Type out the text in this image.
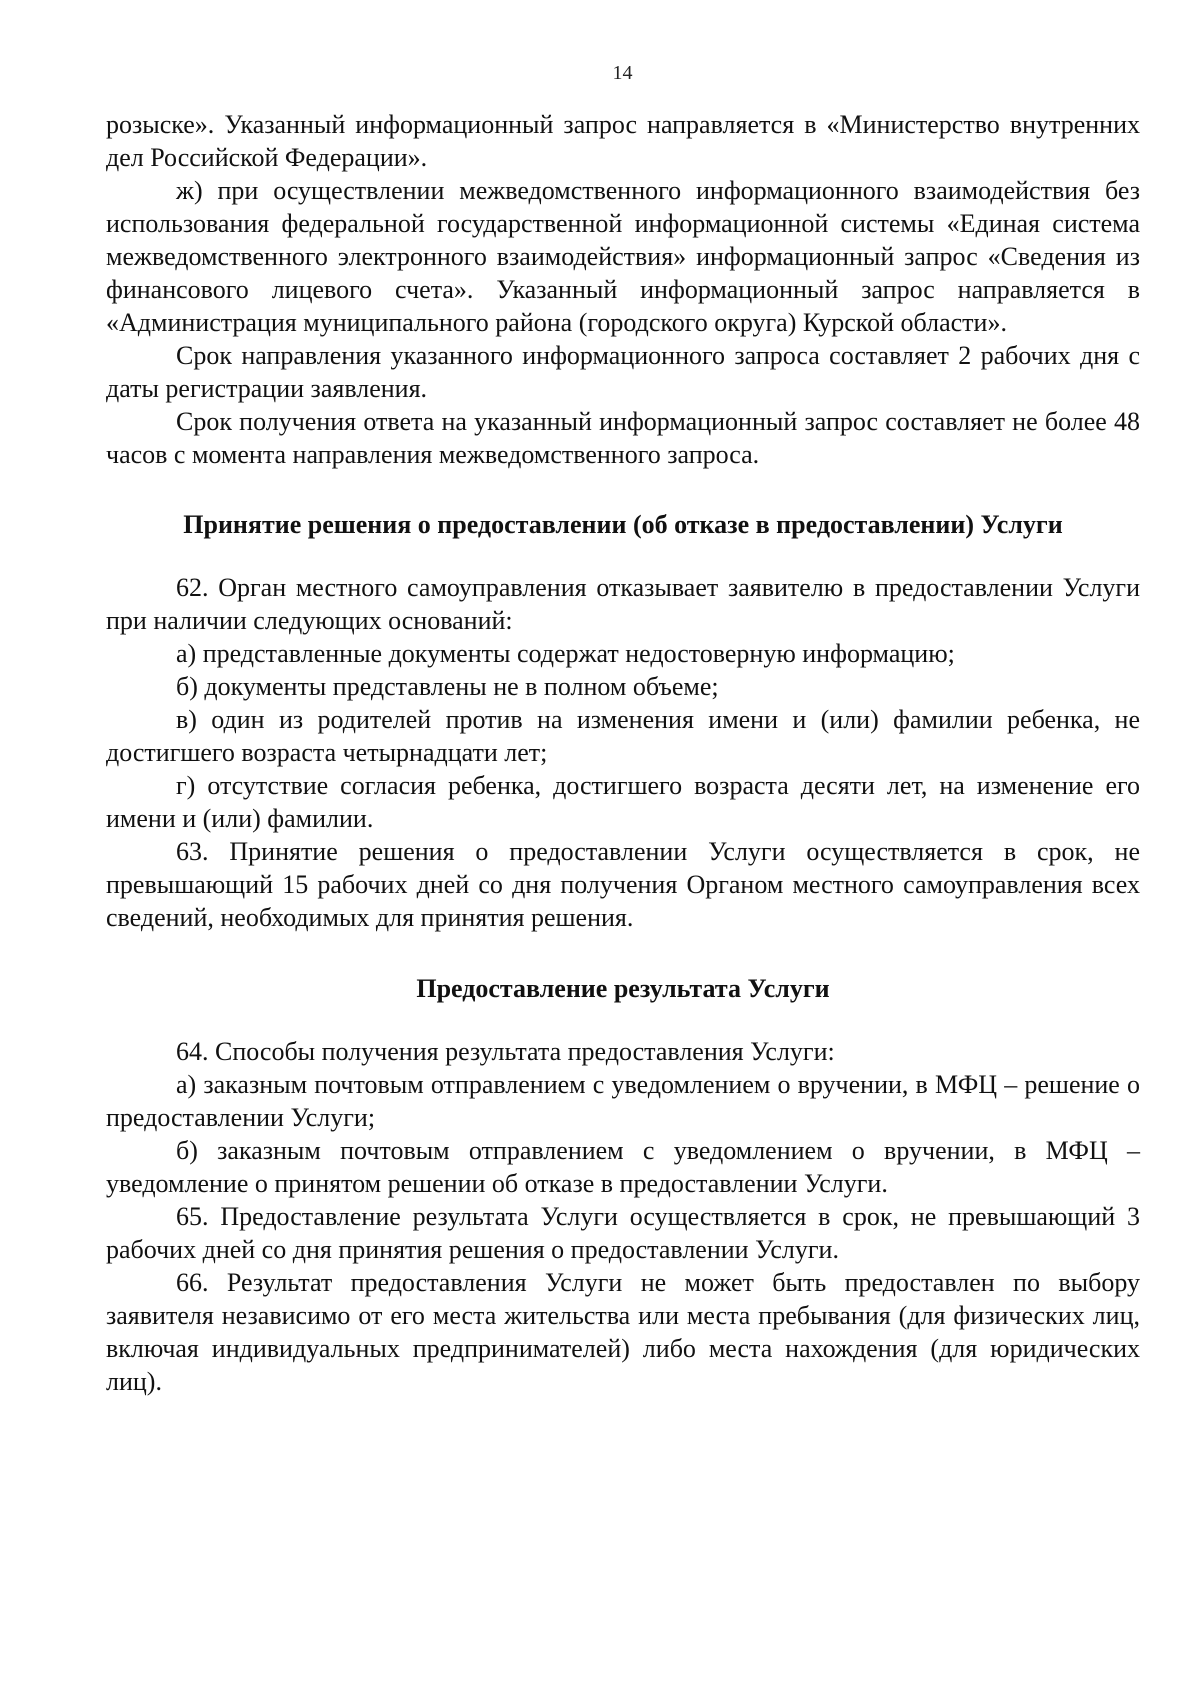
14

розыске». Указанный информационный запрос направляется в «Министерство внутренних дел Российской Федерации».

ж) при осуществлении межведомственного информационного взаимодействия без использования федеральной государственной информационной системы «Единая система межведомственного электронного взаимодействия» информационный запрос «Сведения из финансового лицевого счета». Указанный информационный запрос направляется в «Администрация муниципального района (городского округа) Курской области».

Срок направления указанного информационного запроса составляет 2 рабочих дня с даты регистрации заявления.

Срок получения ответа на указанный информационный запрос составляет не более 48 часов с момента направления межведомственного запроса.

Принятие решения о предоставлении (об отказе в предоставлении) Услуги

62. Орган местного самоуправления отказывает заявителю в предоставлении Услуги при наличии следующих оснований:

а) представленные документы содержат недостоверную информацию;

б) документы представлены не в полном объеме;

в) один из родителей против на изменения имени и (или) фамилии ребенка, не достигшего возраста четырнадцати лет;

г) отсутствие согласия ребенка, достигшего возраста десяти лет, на изменение его имени и (или) фамилии.

63. Принятие решения о предоставлении Услуги осуществляется в срок, не превышающий 15 рабочих дней со дня получения Органом местного самоуправления всех сведений, необходимых для принятия решения.

Предоставление результата Услуги

64. Способы получения результата предоставления Услуги:

а) заказным почтовым отправлением с уведомлением о вручении, в МФЦ – решение о предоставлении Услуги;

б) заказным почтовым отправлением с уведомлением о вручении, в МФЦ – уведомление о принятом решении об отказе в предоставлении Услуги.

65. Предоставление результата Услуги осуществляется в срок, не превышающий 3 рабочих дней со дня принятия решения о предоставлении Услуги.

66. Результат предоставления Услуги не может быть предоставлен по выбору заявителя независимо от его места жительства или места пребывания (для физических лиц, включая индивидуальных предпринимателей) либо места нахождения (для юридических лиц).
